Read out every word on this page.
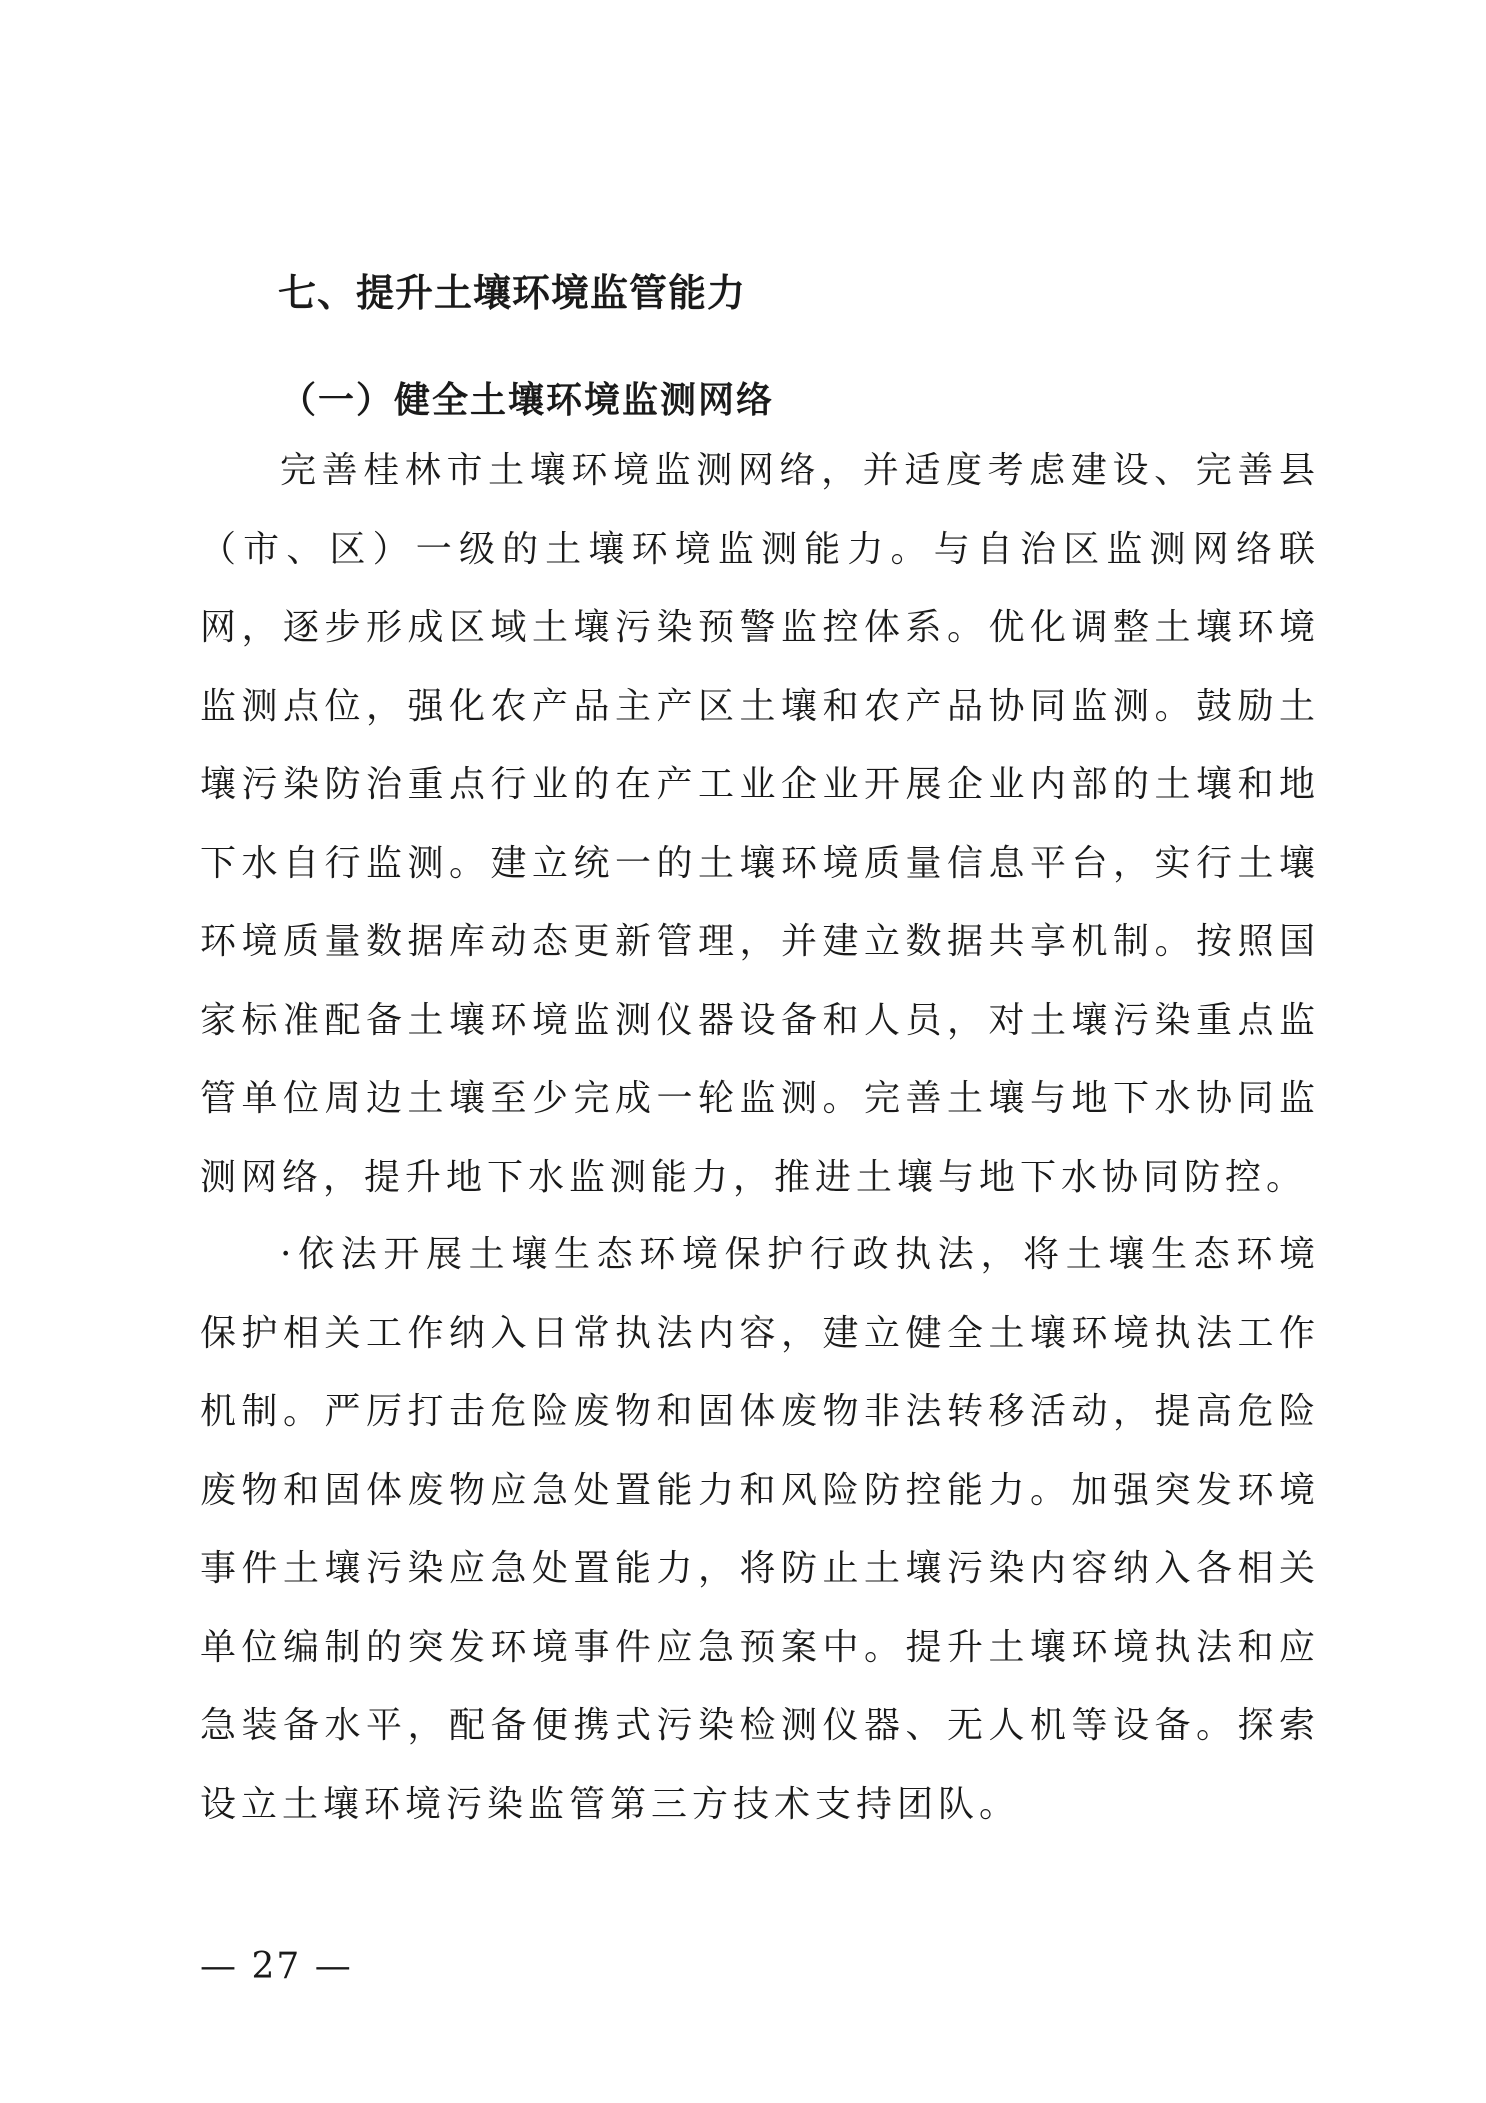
七、提升土壤环境监管能力
（一）健全土壤环境监测网络

完善桂林市土壤环境监测网络，并适度考虑建设、完善县（市、区）一级的土壤环境监测能力。与自治区监测网络联网，逐步形成区域土壤污染预警监控体系。优化调整土壤环境监测点位，强化农产品主产区土壤和农产品协同监测。鼓励土壤污染防治重点行业的在产工业企业开展企业内部的土壤和地下水自行监测。建立统一的土壤环境质量信息平台，实行土壤环境质量数据库动态更新管理，并建立数据共享机制。按照国家标准配备土壤环境监测仪器设备和人员，对土壤污染重点监管单位周边土壤至少完成一轮监测。完善土壤与地下水协同监测网络，提升地下水监测能力，推进土壤与地下水协同防控。

·依法开展土壤生态环境保护行政执法，将土壤生态环境保护相关工作纳入日常执法内容，建立健全土壤环境执法工作机制。严厉打击危险废物和固体废物非法转移活动，提高危险废物和固体废物应急处置能力和风险防控能力。加强突发环境事件土壤污染应急处置能力，将防止土壤污染内容纳入各相关单位编制的突发环境事件应急预案中。提升土壤环境执法和应急装备水平，配备便携式污染检测仪器、无人机等设备。探索设立土壤环境污染监管第三方技术支持团队。

— 27 —
